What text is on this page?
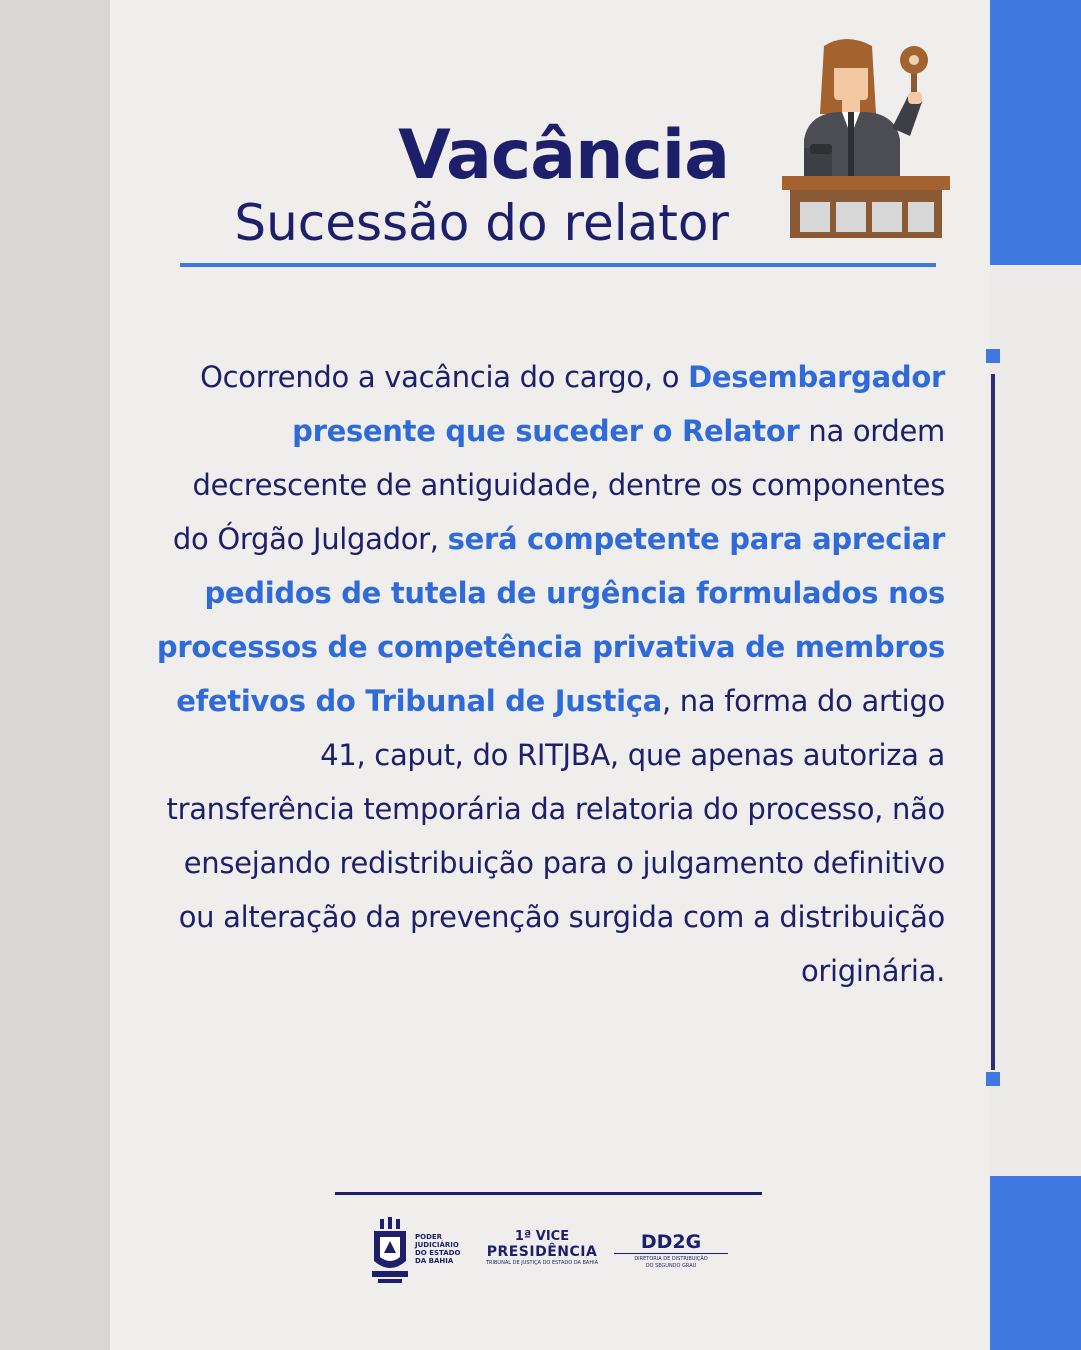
Vacância
Sucessão do relator
Ocorrendo a vacância do cargo, o Desembargador presente que suceder o Relator na ordem decrescente de antiguidade, dentre os componentes do Órgão Julgador, será competente para apreciar pedidos de tutela de urgência formulados nos processos de competência privativa de membros efetivos do Tribunal de Justiça, na forma do artigo 41, caput, do RITJBA, que apenas autoriza a transferência temporária da relatoria do processo, não ensejando redistribuição para o julgamento definitivo ou alteração da prevenção surgida com a distribuição originária.
PODER
JUDICIÁRIO
DO ESTADO
DA BAHIA
1ª VICE
PRESIDÊNCIA
TRIBUNAL DE JUSTIÇA DO ESTADO DA BAHIA
DD2G
DIRETORIA DE DISTRIBUIÇÃO
DO SEGUNDO GRAU
